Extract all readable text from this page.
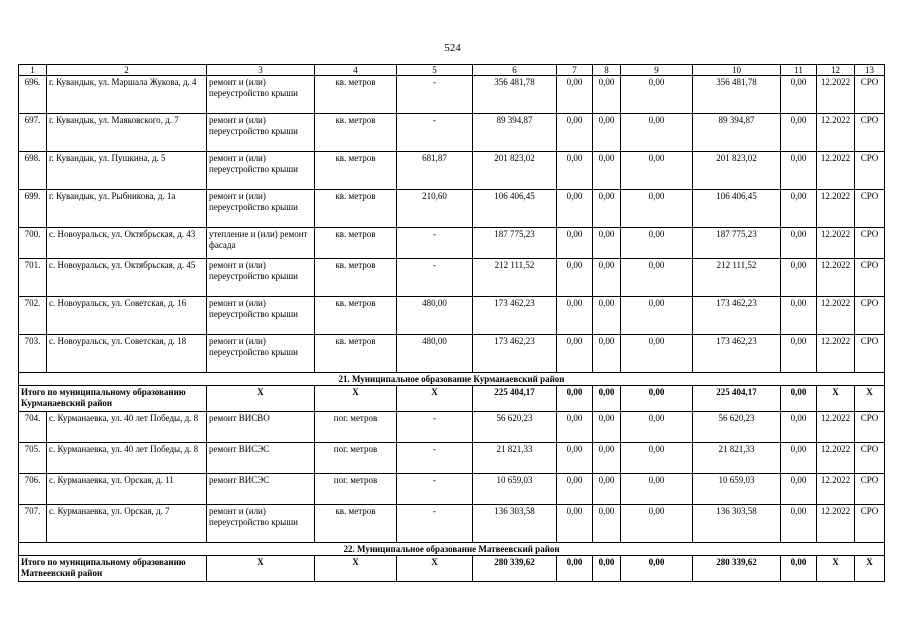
524
1	2	3	4	5	6	7	8	9	10	11	12	13
696.	г. Кувандык, ул. Маршала Жукова, д. 4	ремонт и (или) переустройство крыши	кв. метров	-	356 481,78	0,00	0,00	0,00	356 481,78	0,00	12.2022	СРО
697.	г. Кувандык, ул. Маяковского, д. 7	ремонт и (или) переустройство крыши	кв. метров	-	89 394,87	0,00	0,00	0,00	89 394,87	0,00	12.2022	СРО
698.	г. Кувандык, ул. Пушкина, д. 5	ремонт и (или) переустройство крыши	кв. метров	681,87	201 823,02	0,00	0,00	0,00	201 823,02	0,00	12.2022	СРО
699.	г. Кувандык, ул. Рыбникова, д. 1а	ремонт и (или) переустройство крыши	кв. метров	210,60	106 406,45	0,00	0,00	0,00	106 406,45	0,00	12.2022	СРО
700.	с. Новоуральск, ул. Октябрьская, д. 43	утепление и (или) ремонт фасада	кв. метров	-	187 775,23	0,00	0,00	0,00	187 775,23	0,00	12.2022	СРО
701.	с. Новоуральск, ул. Октябрьская, д. 45	ремонт и (или) переустройство крыши	кв. метров	-	212 111,52	0,00	0,00	0,00	212 111,52	0,00	12.2022	СРО
702.	с. Новоуральск, ул. Советская, д. 16	ремонт и (или) переустройство крыши	кв. метров	480,00	173 462,23	0,00	0,00	0,00	173 462,23	0,00	12.2022	СРО
703.	с. Новоуральск, ул. Советская, д. 18	ремонт и (или) переустройство крыши	кв. метров	480,00	173 462,23	0,00	0,00	0,00	173 462,23	0,00	12.2022	СРО
21. Муниципальное образование Курманаевский район												
Итого по муниципальному образованию Курманаевский район		X	X	X	225 404,17	0,00	0,00	0,00	225 404,17	0,00	X	X
704.	с. Курманаевка, ул. 40 лет Победы, д. 8	ремонт ВИСВО	пог. метров	-	56 620,23	0,00	0,00	0,00	56 620,23	0,00	12.2022	СРО
705.	с. Курманаевка, ул. 40 лет Победы, д. 8	ремонт ВИСЭС	пог. метров	-	21 821,33	0,00	0,00	0,00	21 821,33	0,00	12.2022	СРО
706.	с. Курманаевка, ул. Орская, д. 11	ремонт ВИСЭС	пог. метров	-	10 659,03	0,00	0,00	0,00	10 659,03	0,00	12.2022	СРО
707.	с. Курманаевка, ул. Орская, д. 7	ремонт и (или) переустройство крыши	кв. метров	-	136 303,58	0,00	0,00	0,00	136 303,58	0,00	12.2022	СРО
22. Муниципальное образование Матвеевский район												
Итого по муниципальному образованию Матвеевский район		X	X	X	280 339,62	0,00	0,00	0,00	280 339,62	0,00	X	X
